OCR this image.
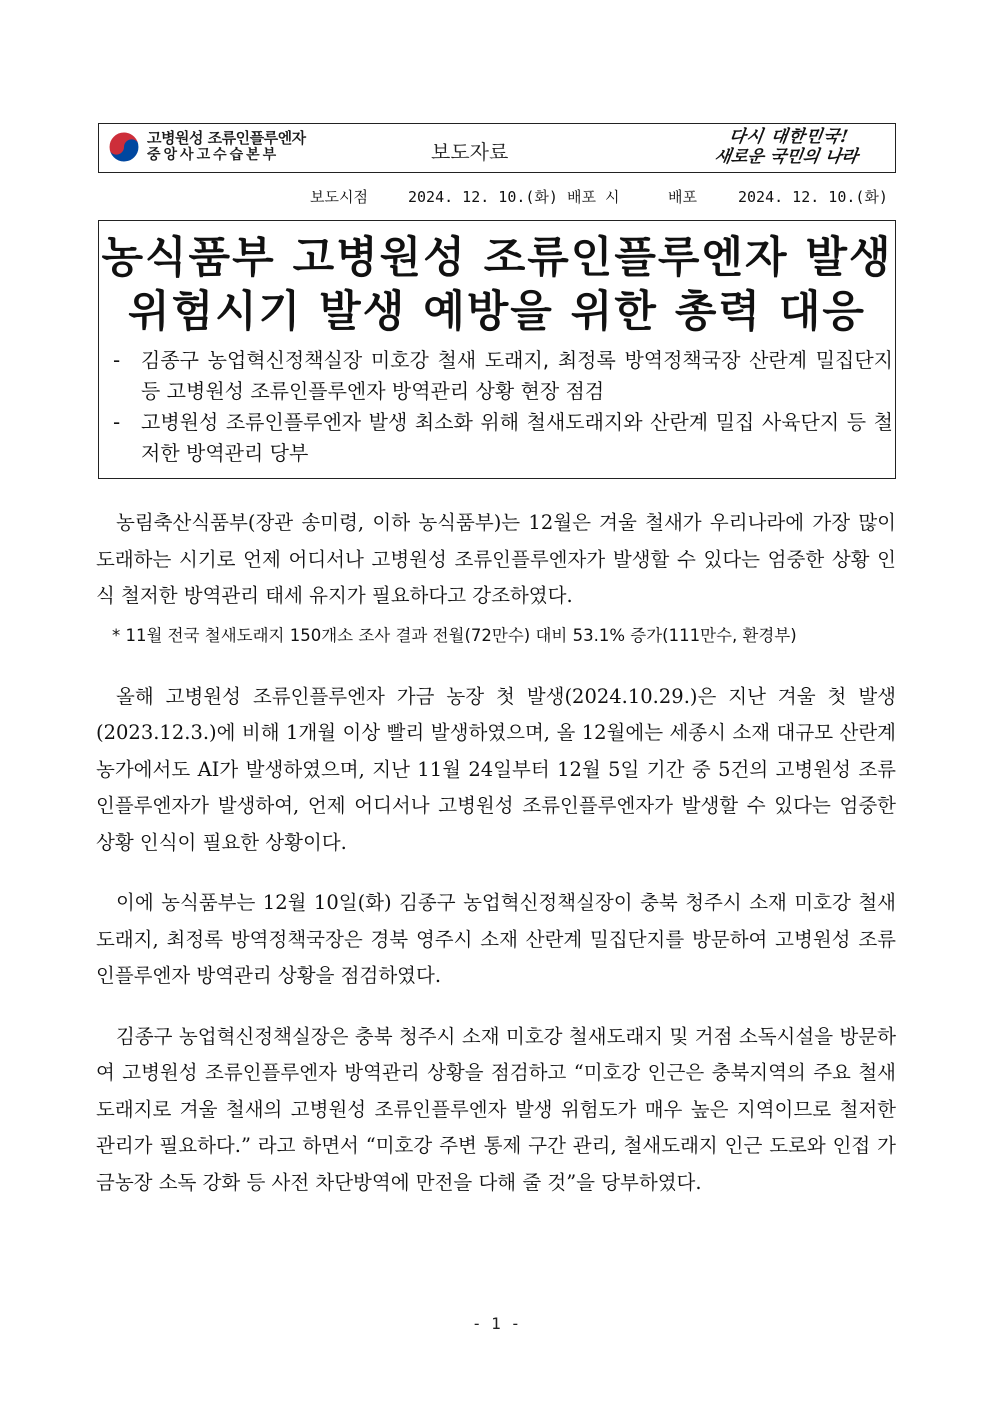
고병원성 조류인플루엔자
중앙사고수습본부	보도자료
다시 대한민국!
새로운 국민의 나라
보도시점	2024. 12. 10.(화) 배포 시	배포	2024. 12. 10.(화)
농식품부 고병원성 조류인플루엔자 발생
위험시기 발생 예방을 위한 총력 대응
-	김종구 농업혁신정책실장 미호강 철새 도래지, 최정록 방역정책국장 산란계 밀집단지 등 고병원성 조류인플루엔자 방역관리 상황 현장 점검
-	고병원성 조류인플루엔자 발생 최소화 위해 철새도래지와 산란계 밀집 사육단지 등 철저한 방역관리 당부

농림축산식품부(장관 송미령, 이하 농식품부)는 12월은 겨울 철새가 우리나라에 가장 많이 도래하는 시기로 언제 어디서나 고병원성 조류인플루엔자가 발생할 수 있다는 엄중한 상황 인식 철저한 방역관리 태세 유지가 필요하다고 강조하였다.

* 11월 전국 철새도래지 150개소 조사 결과 전월(72만수) 대비 53.1% 증가(111만수, 환경부)

올해 고병원성 조류인플루엔자 가금 농장 첫 발생(2024.10.29.)은 지난 겨울 첫 발생(2023.12.3.)에 비해 1개월 이상 빨리 발생하였으며, 올 12월에는 세종시 소재 대규모 산란계 농가에서도 AI가 발생하였으며, 지난 11월 24일부터 12월 5일 기간 중 5건의 고병원성 조류인플루엔자가 발생하여, 언제 어디서나 고병원성 조류인플루엔자가 발생할 수 있다는 엄중한 상황 인식이 필요한 상황이다.

이에 농식품부는 12월 10일(화) 김종구 농업혁신정책실장이 충북 청주시 소재 미호강 철새도래지, 최정록 방역정책국장은 경북 영주시 소재 산란계 밀집단지를 방문하여 고병원성 조류인플루엔자 방역관리 상황을 점검하였다.

김종구 농업혁신정책실장은 충북 청주시 소재 미호강 철새도래지 및 거점 소독시설을 방문하여 고병원성 조류인플루엔자 방역관리 상황을 점검하고 “미호강 인근은 충북지역의 주요 철새도래지로 겨울 철새의 고병원성 조류인플루엔자 발생 위험도가 매우 높은 지역이므로 철저한 관리가 필요하다.” 라고 하면서 “미호강 주변 통제 구간 관리, 철새도래지 인근 도로와 인접 가금농장 소독 강화 등 사전 차단방역에 만전을 다해 줄 것”을 당부하였다.

- 1 -
